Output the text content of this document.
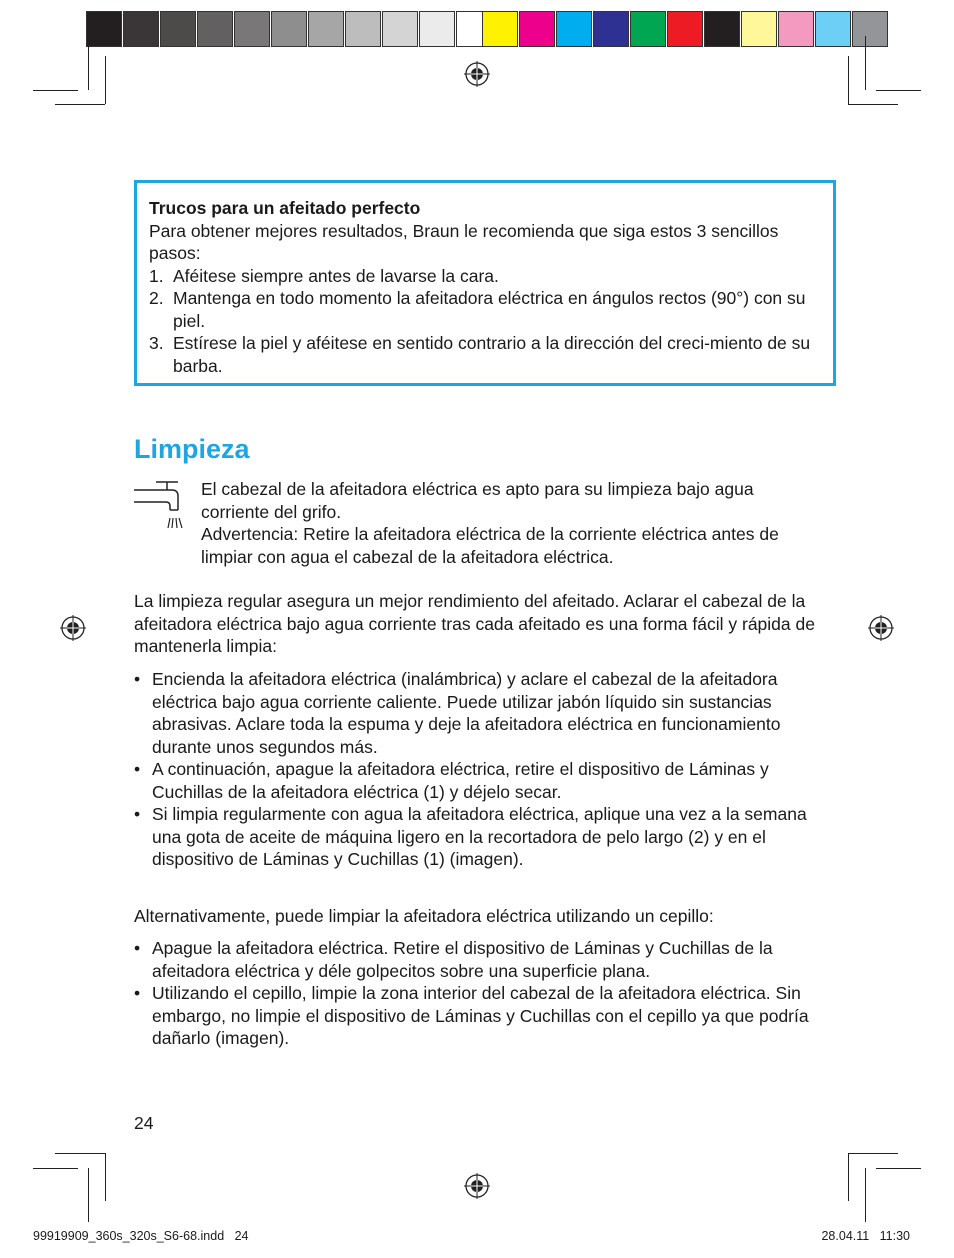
Trucos para un afeitado perfecto
Para obtener mejores resultados, Braun le recomienda que siga estos 3 sencillos pasos:
1. Aféitese siempre antes de lavarse la cara.
2. Mantenga en todo momento la afeitadora eléctrica en ángulos rectos (90°) con su piel.
3. Estírese la piel y aféitese en sentido contrario a la dirección del creci-miento de su barba.
Limpieza
El cabezal de la afeitadora eléctrica es apto para su limpieza bajo agua corriente del grifo.
Advertencia: Retire la afeitadora eléctrica de la corriente eléctrica antes de limpiar con agua el cabezal de la afeitadora eléctrica.

La limpieza regular asegura un mejor rendimiento del afeitado. Aclarar el cabezal de la afeitadora eléctrica bajo agua corriente tras cada afeitado es una forma fácil y rápida de mantenerla limpia:

• Encienda la afeitadora eléctrica (inalámbrica) y aclare el cabezal de la afeitadora eléctrica bajo agua corriente caliente. Puede utilizar jabón líquido sin sustancias abrasivas. Aclare toda la espuma y deje la afeitadora eléctrica en funcionamiento durante unos segundos más.
• A continuación, apague la afeitadora eléctrica, retire el dispositivo de Láminas y Cuchillas de la afeitadora eléctrica (1) y déjelo secar.
• Si limpia regularmente con agua la afeitadora eléctrica, aplique una vez a la semana una gota de aceite de máquina ligero en la recortadora de pelo largo (2) y en el dispositivo de Láminas y Cuchillas (1) (imagen).

Alternativamente, puede limpiar la afeitadora eléctrica utilizando un cepillo:

• Apague la afeitadora eléctrica. Retire el dispositivo de Láminas y Cuchillas de la afeitadora eléctrica y déle golpecitos sobre una superficie plana.
• Utilizando el cepillo, limpie la zona interior del cabezal de la afeitadora eléctrica. Sin embargo, no limpie el dispositivo de Láminas y Cuchillas con el cepillo ya que podría dañarlo (imagen).
24
99919909_360s_320s_S6-68.indd   24	28.04.11   11:30
